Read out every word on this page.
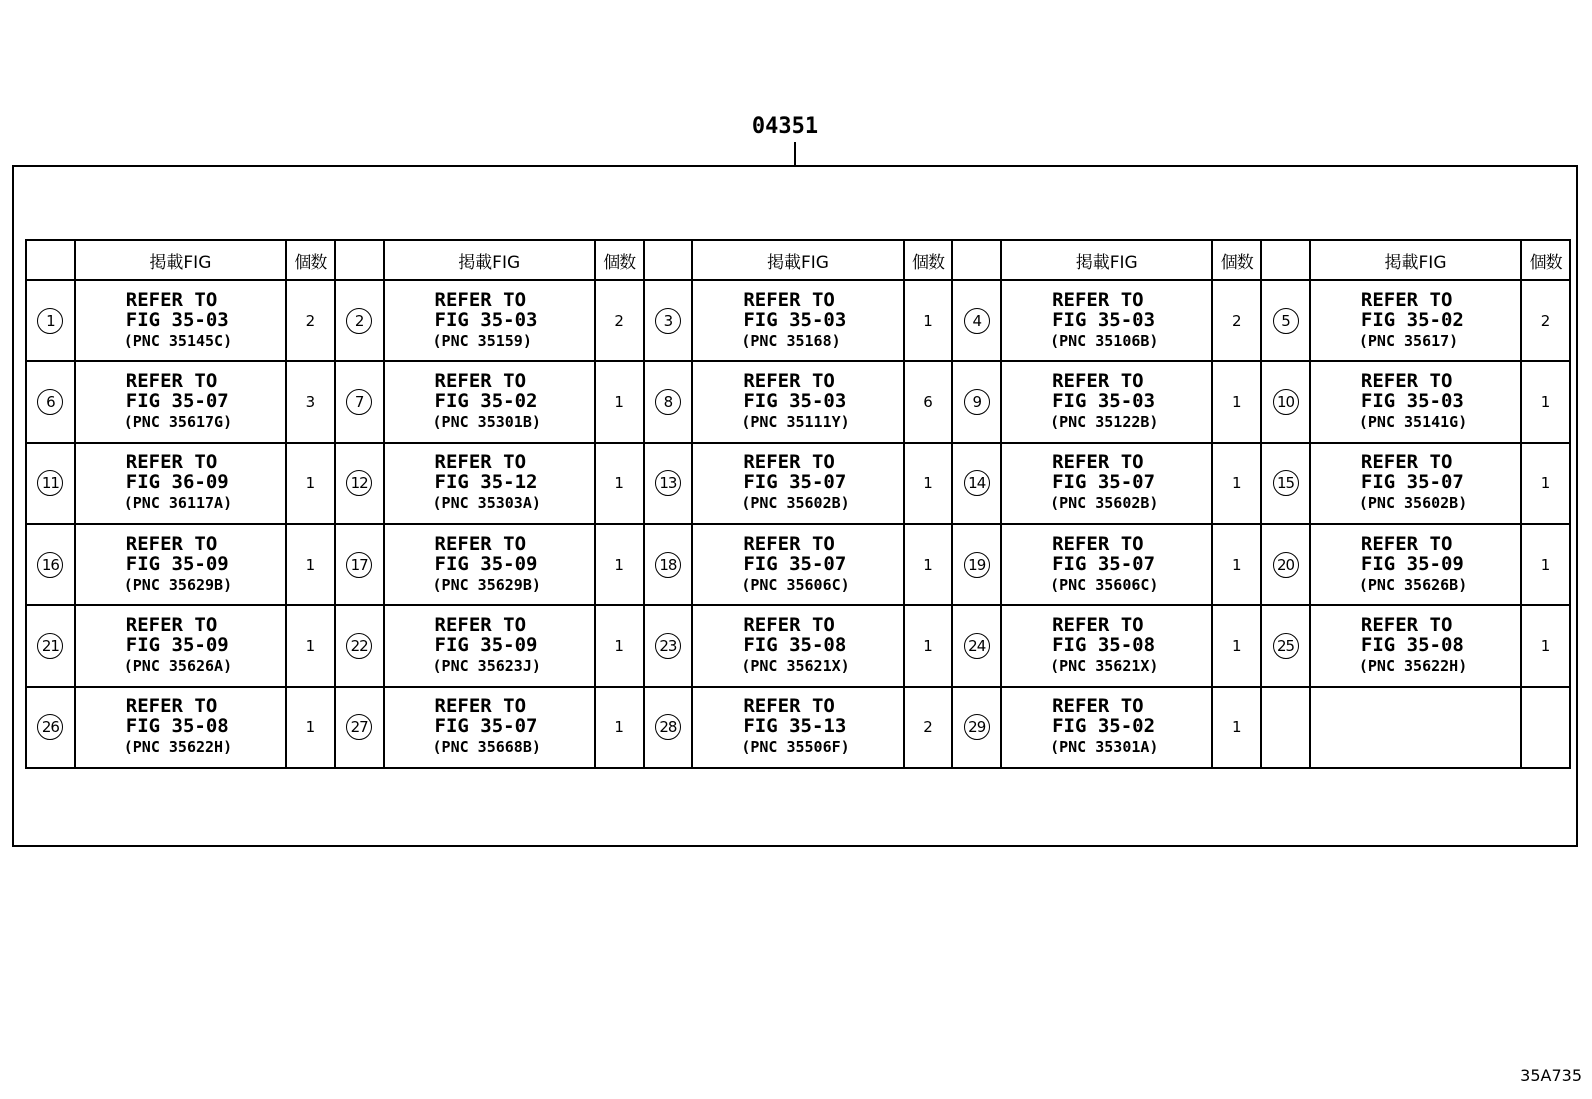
04351
	掲載FIG	個数		掲載FIG	個数		掲載FIG	個数		掲載FIG	個数		掲載FIG	個数
1	REFER TO
FIG 35-03
(PNC 35145C)	2	2	REFER TO
FIG 35-03
(PNC 35159)	2	3	REFER TO
FIG 35-03
(PNC 35168)	1	4	REFER TO
FIG 35-03
(PNC 35106B)	2	5	REFER TO
FIG 35-02
(PNC 35617)	2
6	REFER TO
FIG 35-07
(PNC 35617G)	3	7	REFER TO
FIG 35-02
(PNC 35301B)	1	8	REFER TO
FIG 35-03
(PNC 35111Y)	6	9	REFER TO
FIG 35-03
(PNC 35122B)	1	10	REFER TO
FIG 35-03
(PNC 35141G)	1
11	REFER TO
FIG 36-09
(PNC 36117A)	1	12	REFER TO
FIG 35-12
(PNC 35303A)	1	13	REFER TO
FIG 35-07
(PNC 35602B)	1	14	REFER TO
FIG 35-07
(PNC 35602B)	1	15	REFER TO
FIG 35-07
(PNC 35602B)	1
16	REFER TO
FIG 35-09
(PNC 35629B)	1	17	REFER TO
FIG 35-09
(PNC 35629B)	1	18	REFER TO
FIG 35-07
(PNC 35606C)	1	19	REFER TO
FIG 35-07
(PNC 35606C)	1	20	REFER TO
FIG 35-09
(PNC 35626B)	1
21	REFER TO
FIG 35-09
(PNC 35626A)	1	22	REFER TO
FIG 35-09
(PNC 35623J)	1	23	REFER TO
FIG 35-08
(PNC 35621X)	1	24	REFER TO
FIG 35-08
(PNC 35621X)	1	25	REFER TO
FIG 35-08
(PNC 35622H)	1
26	REFER TO
FIG 35-08
(PNC 35622H)	1	27	REFER TO
FIG 35-07
(PNC 35668B)	1	28	REFER TO
FIG 35-13
(PNC 35506F)	2	29	REFER TO
FIG 35-02
(PNC 35301A)	1			
35A735
